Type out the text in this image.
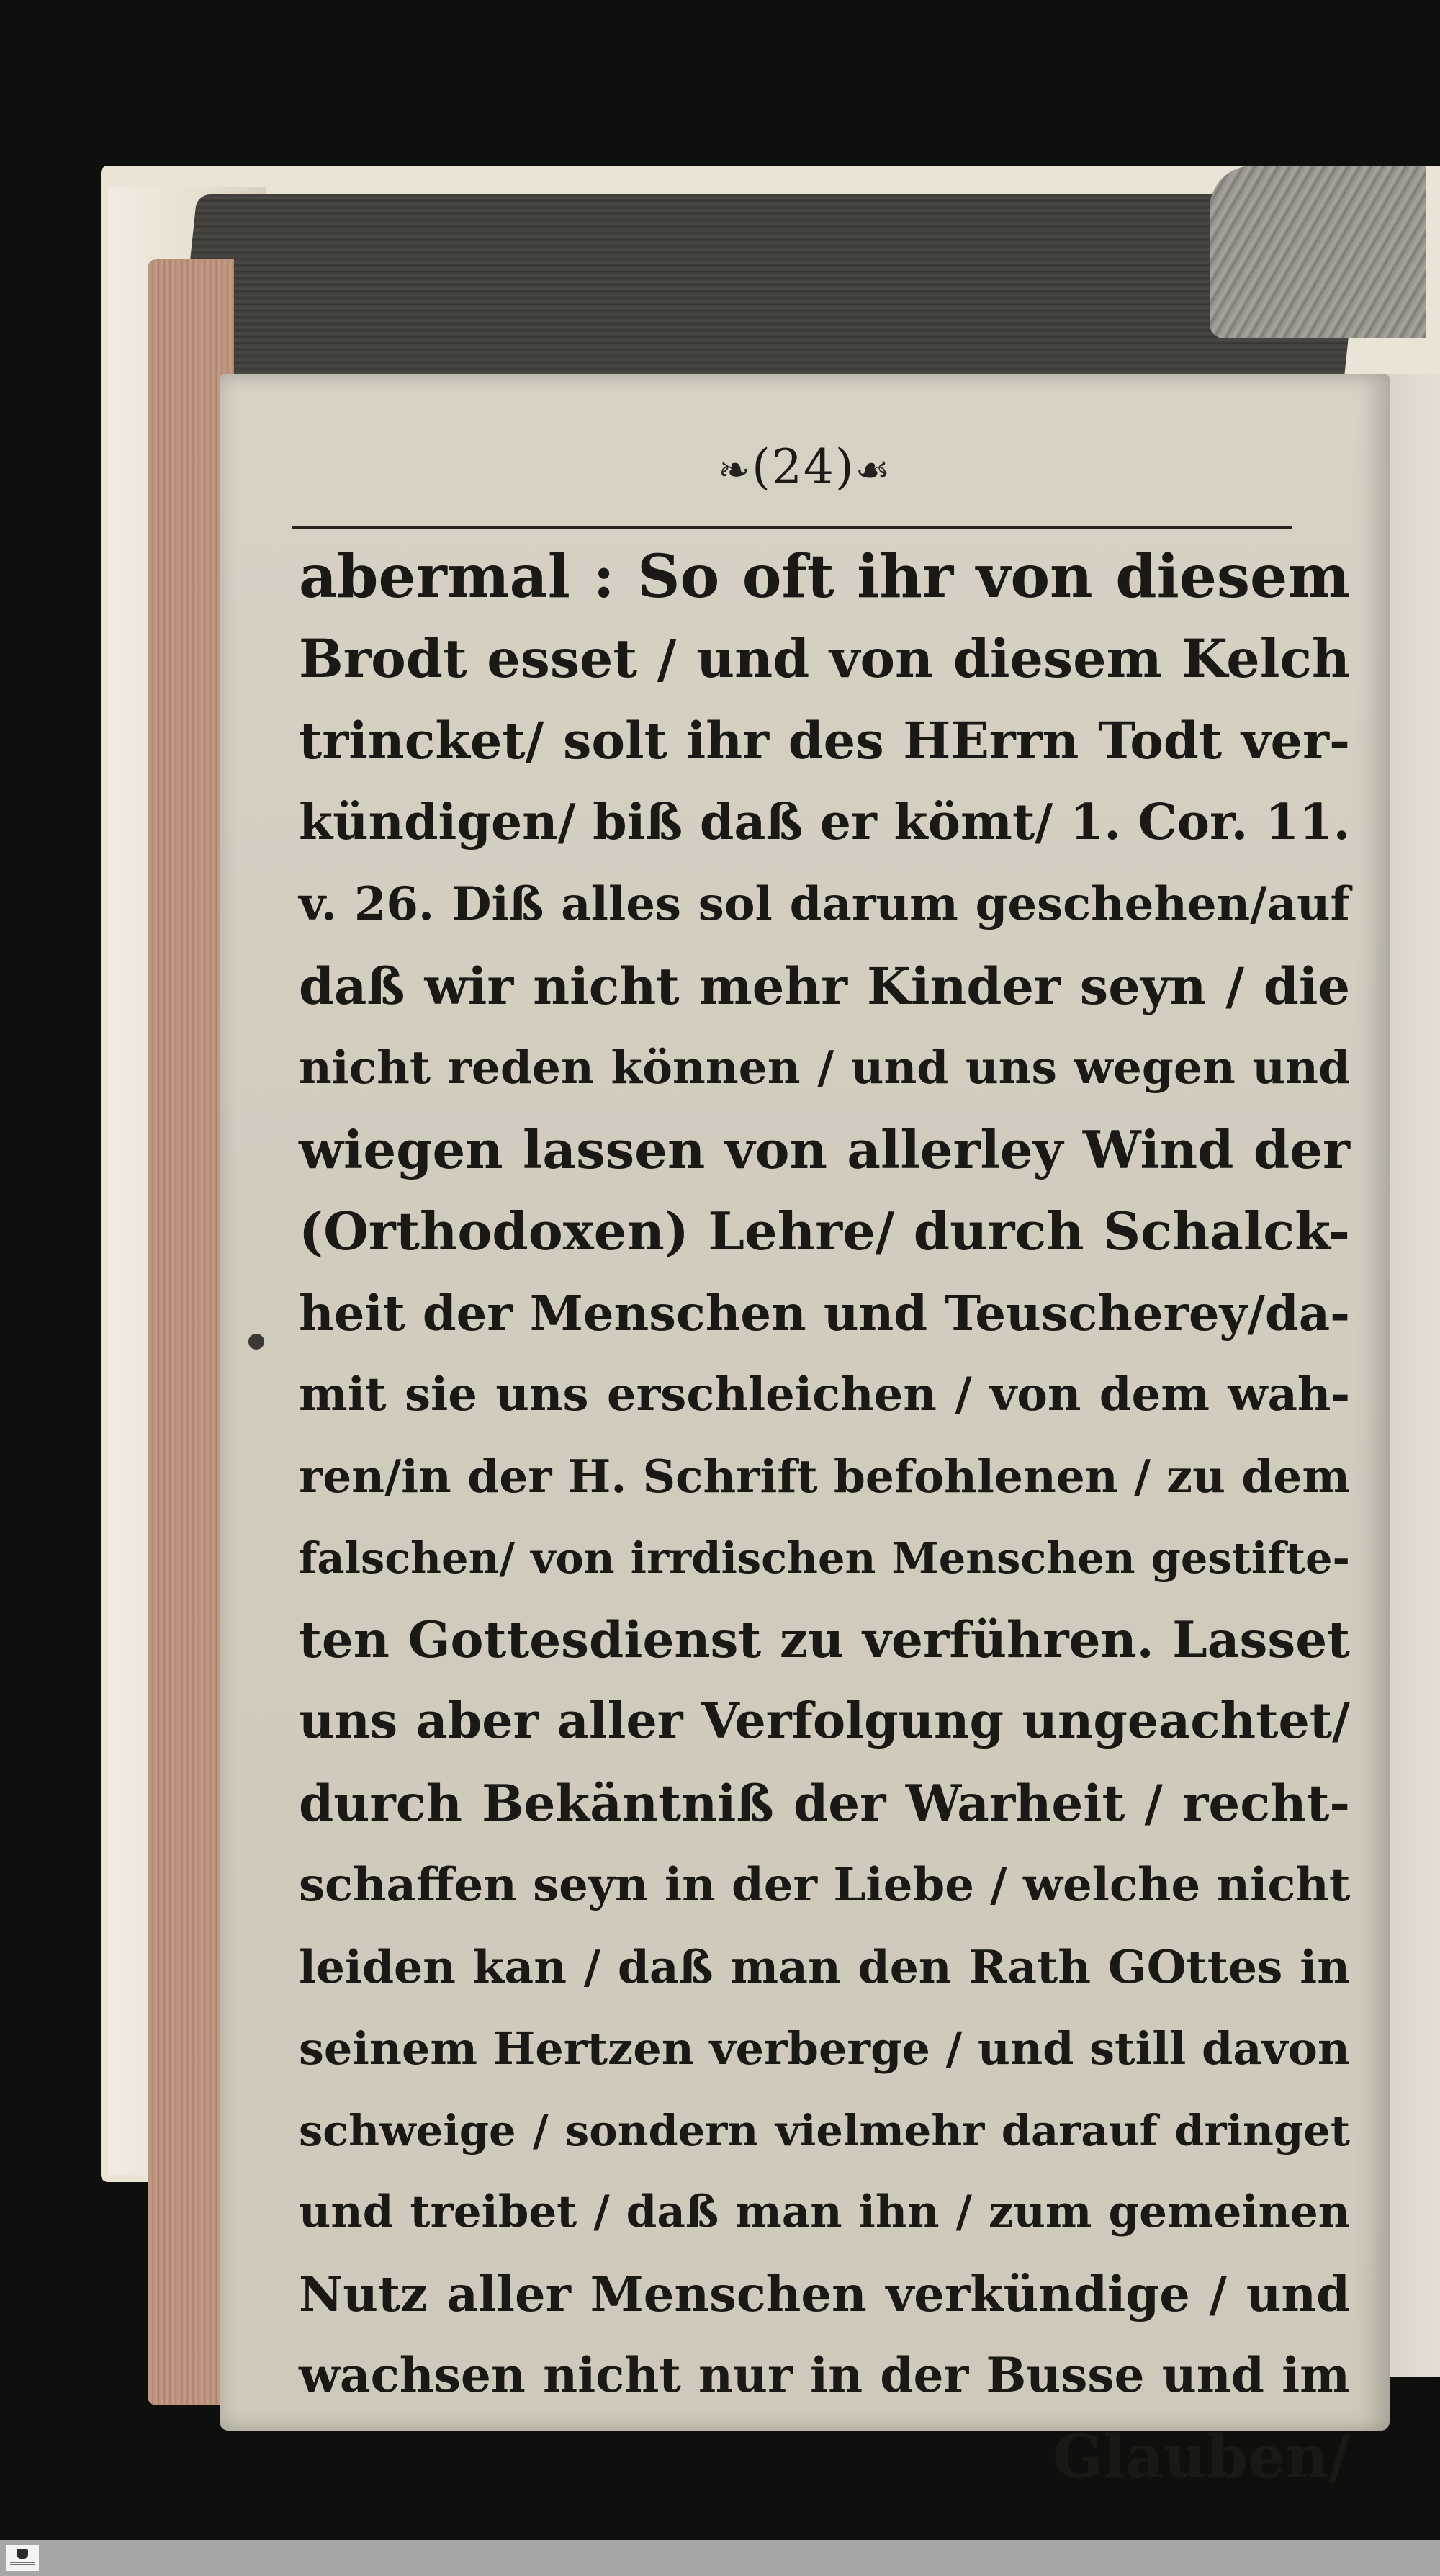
❧(24)☙
abermal : So oft ihr von diesem
Brodt esset / und von diesem Kelch
trincket/ solt ihr des HErrn Todt ver-
kündigen/ biß daß er kömt/ 1. Cor. 11.
v. 26. Diß alles sol darum geschehen/auf
daß wir nicht mehr Kinder seyn / die
nicht reden können / und uns wegen und
wiegen lassen von allerley Wind der
(Orthodoxen) Lehre/ durch Schalck-
heit der Menschen und Teuscherey/da-
mit sie uns erschleichen / von dem wah-
ren/in der H. Schrift befohlenen / zu dem
falschen/ von irrdischen Menschen gestifte-
ten Gottesdienst zu verführen. Lasset
uns aber aller Verfolgung ungeachtet/
durch Bekäntniß der Warheit / recht-
schaffen seyn in der Liebe / welche nicht
leiden kan / daß man den Rath GOttes in
seinem Hertzen verberge / und still davon
schweige / sondern vielmehr darauf dringet
und treibet / daß man ihn / zum gemeinen
Nutz aller Menschen verkündige / und
wachsen nicht nur in der Busse und im
Glauben/
